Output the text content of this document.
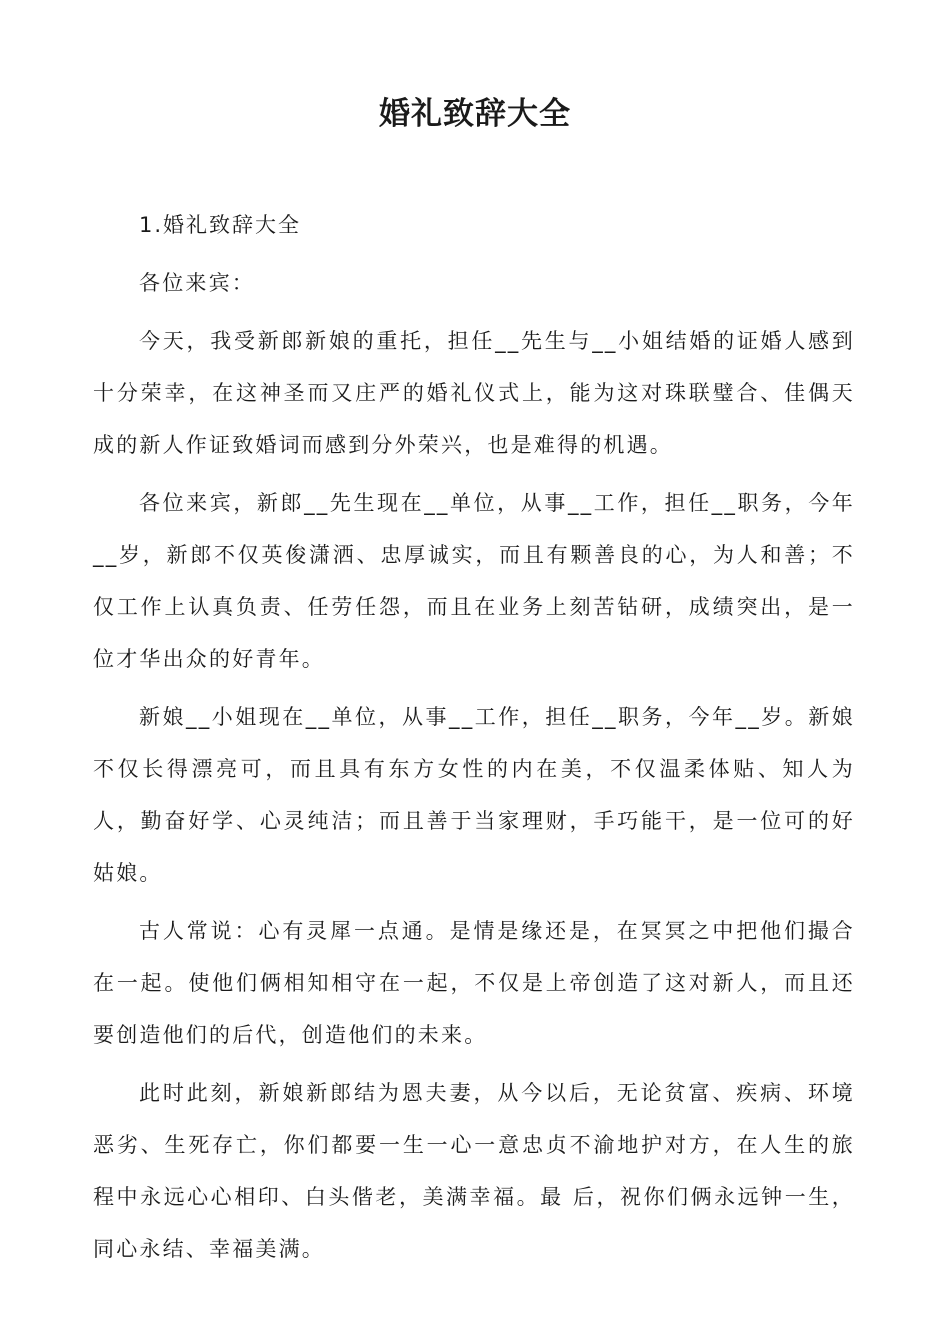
婚礼致辞大全

1.婚礼致辞大全

各位来宾：

今天，我受新郎新娘的重托，担任__先生与__小姐结婚的证婚人感到十分荣幸，在这神圣而又庄严的婚礼仪式上，能为这对珠联璧合、佳偶天成的新人作证致婚词而感到分外荣兴，也是难得的机遇。

各位来宾，新郎__先生现在__单位，从事__工作，担任__职务，今年__岁，新郎不仅英俊潇洒、忠厚诚实，而且有颗善良的心，为人和善；不仅工作上认真负责、任劳任怨，而且在业务上刻苦钻研，成绩突出，是一位才华出众的好青年。

新娘__小姐现在__单位，从事__工作，担任__职务，今年__岁。新娘不仅长得漂亮可，而且具有东方女性的内在美，不仅温柔体贴、知人为人，勤奋好学、心灵纯洁；而且善于当家理财，手巧能干，是一位可的好姑娘。

古人常说：心有灵犀一点通。是情是缘还是，在冥冥之中把他们撮合在一起。使他们俩相知相守在一起，不仅是上帝创造了这对新人，而且还要创造他们的后代，创造他们的未来。

此时此刻，新娘新郎结为恩夫妻，从今以后，无论贫富、疾病、环境恶劣、生死存亡，你们都要一生一心一意忠贞不渝地护对方，在人生的旅程中永远心心相印、白头偕老，美满幸福。最 后，祝你们俩永远钟一生，同心永结、幸福美满。
